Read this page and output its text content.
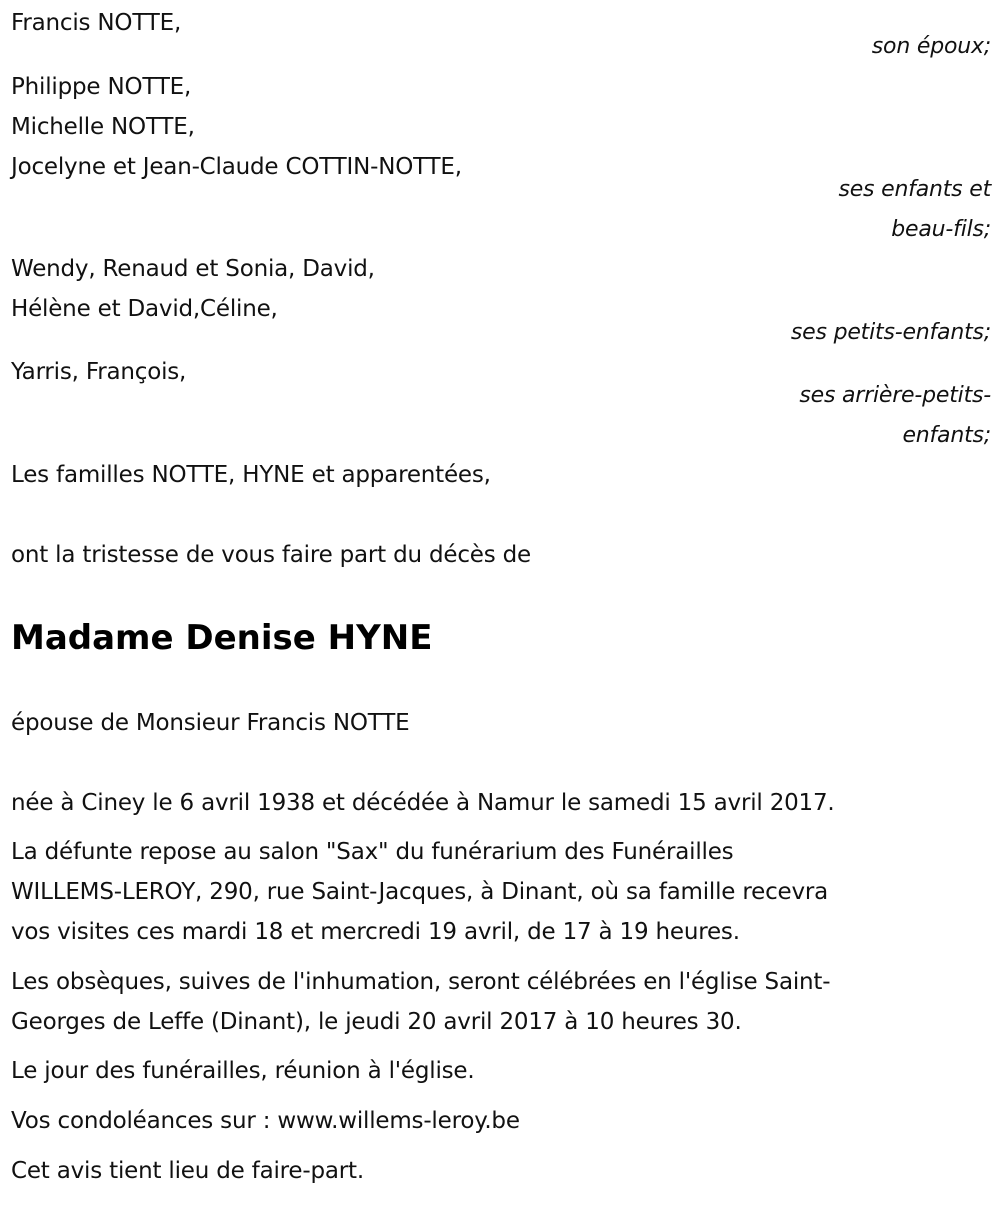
Francis NOTTE,
son époux;
Philippe NOTTE,
Michelle NOTTE,
Jocelyne et Jean-Claude COTTIN-NOTTE,
ses enfants et
beau-fils;
Wendy, Renaud et Sonia, David,
Hélène et David,Céline,
ses petits-enfants;
Yarris, François,
ses arrière-petits-
enfants;
Les familles NOTTE, HYNE et apparentées,
ont la tristesse de vous faire part du décès de
Madame Denise HYNE
épouse de Monsieur Francis NOTTE
née à Ciney le 6 avril 1938 et décédée à Namur le samedi 15 avril 2017.
La défunte repose au salon "Sax" du funérarium des Funérailles
WILLEMS-LEROY, 290, rue Saint-Jacques, à Dinant, où sa famille recevra
vos visites ces mardi 18 et mercredi 19 avril, de 17 à 19 heures.
Les obsèques, suives de l'inhumation, seront célébrées en l'église Saint-
Georges de Leffe (Dinant), le jeudi 20 avril 2017 à 10 heures 30.
Le jour des funérailles, réunion à l'église.
Vos condoléances sur : www.willems-leroy.be
Cet avis tient lieu de faire-part.
